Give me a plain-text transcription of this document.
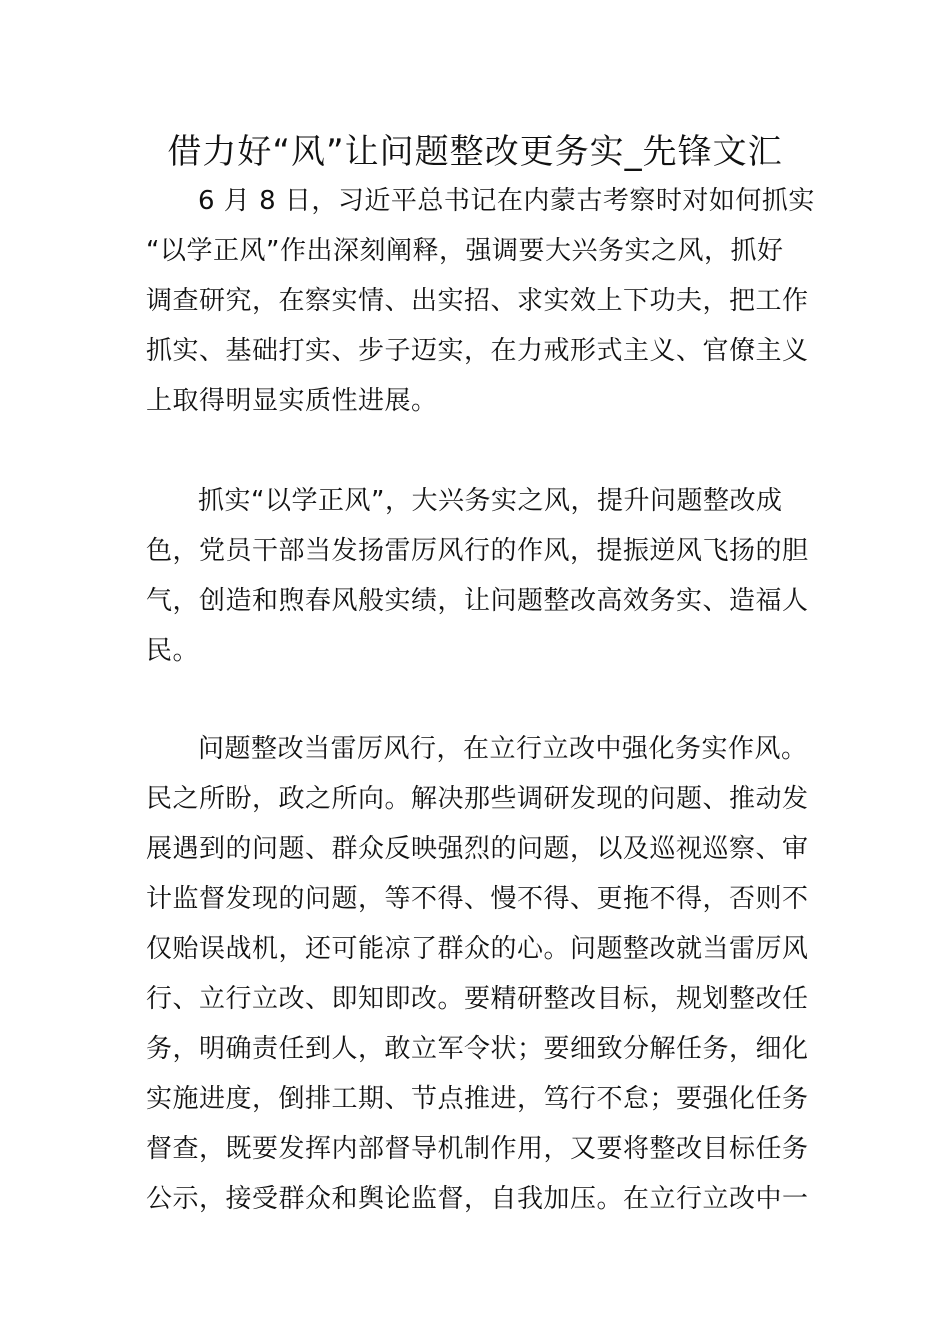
借力好“风”让问题整改更务实_先锋文汇
6 月 8 日，习近平总书记在内蒙古考察时对如何抓实
“以学正风”作出深刻阐释，强调要大兴务实之风，抓好
调查研究，在察实情、出实招、求实效上下功夫，把工作
抓实、基础打实、步子迈实，在力戒形式主义、官僚主义
上取得明显实质性进展。
抓实“以学正风”，大兴务实之风，提升问题整改成
色，党员干部当发扬雷厉风行的作风，提振逆风飞扬的胆
气，创造和煦春风般实绩，让问题整改高效务实、造福人
民。
问题整改当雷厉风行，在立行立改中强化务实作风。
民之所盼，政之所向。解决那些调研发现的问题、推动发
展遇到的问题、群众反映强烈的问题，以及巡视巡察、审
计监督发现的问题，等不得、慢不得、更拖不得，否则不
仅贻误战机，还可能凉了群众的心。问题整改就当雷厉风
行、立行立改、即知即改。要精研整改目标，规划整改任
务，明确责任到人，敢立军令状；要细致分解任务，细化
实施进度，倒排工期、节点推进，笃行不怠；要强化任务
督查，既要发挥内部督导机制作用，又要将整改目标任务
公示，接受群众和舆论监督，自我加压。在立行立改中一
